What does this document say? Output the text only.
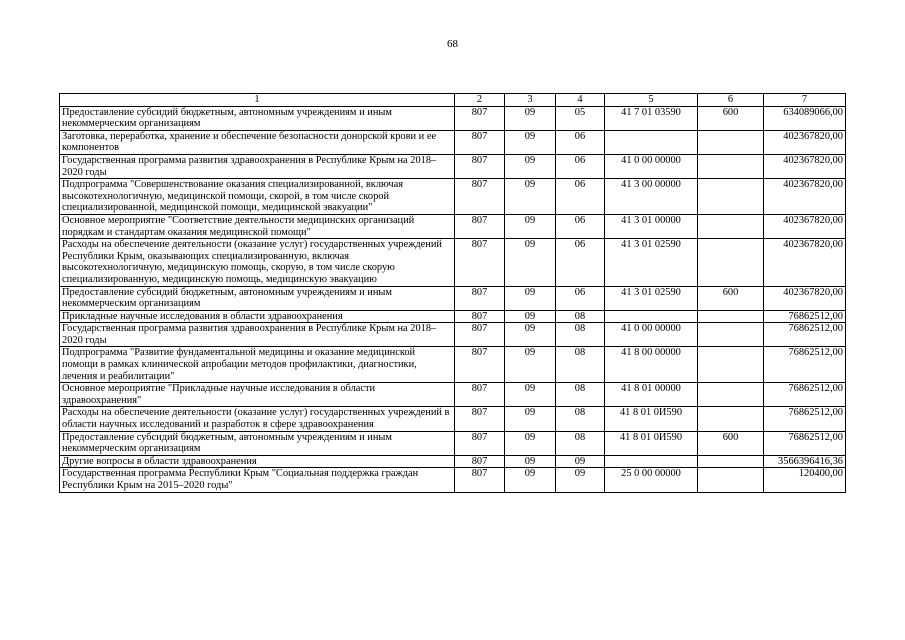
68
1	2	3	4	5	6	7
Предоставление субсидий бюджетным, автономным учреждениям и иным некоммерческим организациям	807	09	05	41 7 01 03590	600	634089066,00
Заготовка, переработка, хранение и обеспечение безопасности донорской крови и ее компонентов	807	09	06			402367820,00
Государственная программа развития здравоохранения в Республике Крым на 2018–2020 годы	807	09	06	41 0 00 00000		402367820,00
Подпрограмма "Совершенствование оказания специализированной, включая высокотехнологичную, медицинской помощи, скорой, в том числе скорой специализированной, медицинской помощи, медицинской эвакуации"	807	09	06	41 3 00 00000		402367820,00
Основное мероприятие "Соответствие деятельности медицинских организаций порядкам и стандартам оказания медицинской помощи"	807	09	06	41 3 01 00000		402367820,00
Расходы на обеспечение деятельности (оказание услуг) государственных учреждений Республики Крым, оказывающих специализированную, включая высокотехнологичную, медицинскую помощь, скорую, в том числе скорую специализированную, медицинскую помощь, медицинскую эвакуацию	807	09	06	41 3 01 02590		402367820,00
Предоставление субсидий бюджетным, автономным учреждениям и иным некоммерческим организациям	807	09	06	41 3 01 02590	600	402367820,00
Прикладные научные исследования в области здравоохранения	807	09	08			76862512,00
Государственная программа развития здравоохранения в Республике Крым на 2018–2020 годы	807	09	08	41 0 00 00000		76862512,00
Подпрограмма "Развитие фундаментальной медицины и оказание медицинской помощи в рамках клинической апробации методов профилактики, диагностики, лечения и реабилитации"	807	09	08	41 8 00 00000		76862512,00
Основное мероприятие "Прикладные научные исследования в области здравоохранения"	807	09	08	41 8 01 00000		76862512,00
Расходы на обеспечение деятельности (оказание услуг) государственных учреждений в области научных исследований и разработок в сфере здравоохранения	807	09	08	41 8 01 0И590		76862512,00
Предоставление субсидий бюджетным, автономным учреждениям и иным некоммерческим организациям	807	09	08	41 8 01 0И590	600	76862512,00
Другие вопросы в области здравоохранения	807	09	09			3566396416,36
Государственная программа Республики Крым "Социальная поддержка граждан Республики Крым на 2015–2020 годы"	807	09	09	25 0 00 00000		120400,00
